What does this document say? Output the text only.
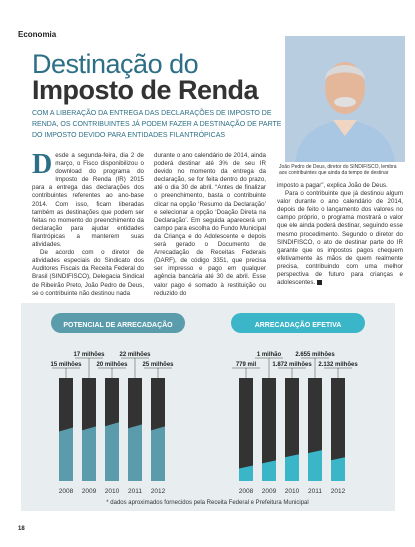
Economia
Destinação do
Imposto de Renda
COM A LIBERAÇÃO DA ENTREGA DAS DECLARAÇÕES DE IMPOSTO DE RENDA, OS CONTRIBUINTES JÁ PODEM FAZER A DESTINAÇÃO DE PARTE DO IMPOSTO DEVIDO PARA ENTIDADES FILANTRÓPICAS
João Pedro de Deus, diretor do SINDIFISCO, lembra aos contribuintes que ainda da tempo de destinar

Desde a segunda-feira, dia 2 de março, o Fisco disponibilizou o download do programa do Imposto de Renda (IR) 2015 para a entrega das declarações dos contribuintes referentes ao ano-base 2014. Com isso, ficam liberadas também as destinações que podem ser feitas no momento do preenchimento da declaração para ajudar entidades filantrópicas a manterem suas atividades.

De acordo com o diretor de atividades especiais do Sindicato dos Auditores Fiscais da Receita Federal do Brasil (SINDIFISCO), Delegacia Sindical de Ribeirão Preto, João Pedro de Deus, se o contribuinte não destinou nada

durante o ano calendário de 2014, ainda poderá destinar até 3% de seu IR devido no momento da entrega da declaração, se for feita dentro do prazo, até o dia 30 de abril. “Antes de finalizar o preenchimento, basta o contribuinte clicar na opção ‘Resumo da Declaração’ e selecionar a opção ‘Doação Direta na Declaração’. Em seguida aparecerá um campo para escolha do Fundo Municipal da Criança e do Adolescente e depois será gerado o Documento de Arrecadação de Receitas Federais (DARF), de código 3351, que precisa ser impresso e pago em qualquer agência bancária até 30 de abril. Esse valor pago é somado à restituição ou reduzido do

imposto a pagar”, explica João de Deus.

Para o contribuinte que já destinou algum valor durante o ano calendário de 2014, depois de feito o lançamento dos valores no campo próprio, o programa mostrará o valor que ele ainda poderá destinar, seguindo esse mesmo procedimento. Segundo o diretor do SINDIFISCO, o ato de destinar parte do IR garante que os impostos pagos chequem efetivamente às mãos de quem realmente precisa, contribuindo com uma melhor perspectiva de futuro para crianças e adolescentes.

POTENCIAL DE ARRECADAÇÃO
2008
15 milhões
2009
17 milhões
2010
20 milhões
2011
22 milhões
2012
25 milhões
ARRECADAÇÃO EFETIVA
2008
779 mil
2009
1 milhão
2010
1.872 milhões
2011
2.655 milhões
2012
2.132 milhões
* dados aproximados fornecidos pela Receita Federal e Prefeitura Municipal
18
